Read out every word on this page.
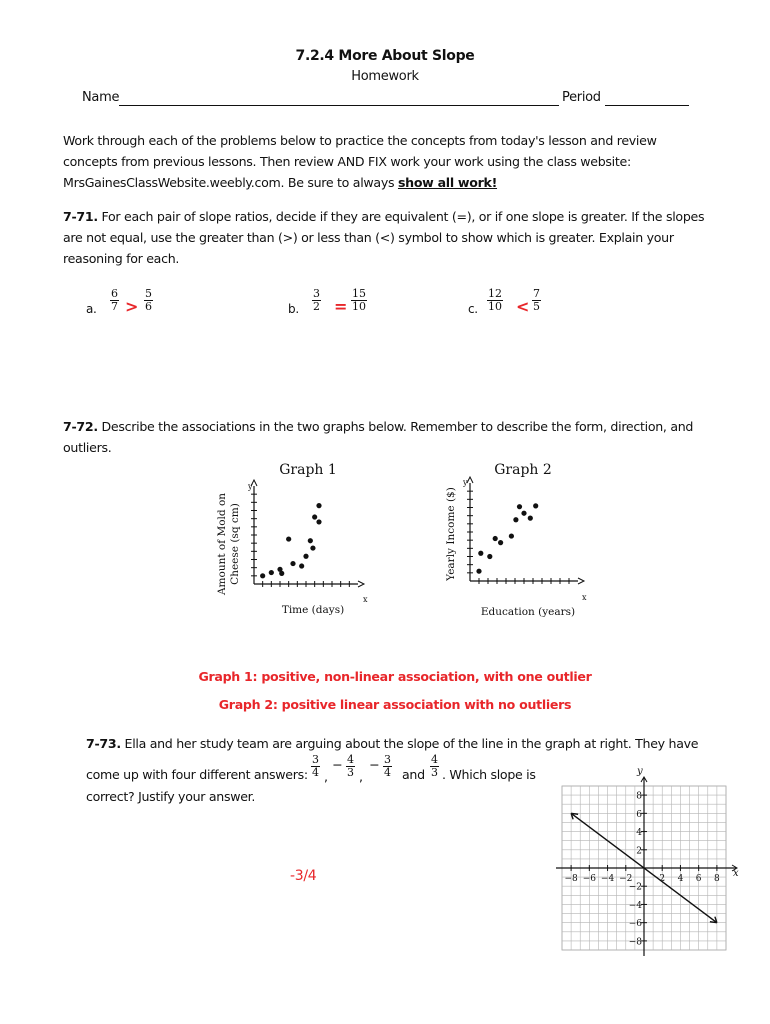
7.2.4 More About Slope
Homework
Name	Period
Work through each of the problems below to practice the concepts from today's lesson and review concepts from previous lessons. Then review AND FIX work your work using the class website: MrsGainesClassWebsite.weebly.com. Be sure to always show all work!
7-71. For each pair of slope ratios, decide if they are equivalent (=), or if one slope is greater. If the slopes are not equal, use the greater than (>) or less than (<) symbol to show which is greater. Explain your reasoning for each.
a. $\frac{6}{7} > \frac{5}{6}$	b. $\frac{3}{2} = \frac{15}{10}$	c. $\frac{12}{10} < \frac{7}{5}$
7-72. Describe the associations in the two graphs below. Remember to describe the form, direction, and outliers.
Graph 1
Amount of Mold on Cheese (sq cm)
Time (days)
y
x
Graph 2
Yearly Income ($)
Education (years)
y
x
Graph 1: positive, non-linear association, with one outlier
Graph 2: positive linear association with no outliers
7-73. Ella and her study team are arguing about the slope of the line in the graph at right. They have
come up with four different answers: $\frac{3}{4}$ ,
− $\frac{4}{3}$ ,
− $\frac{3}{4}$ and $\frac{4}{3}$ . Which slope is
correct? Justify your answer.
-3/4	−8 −6 −4 −2	2 4 6 8
8
6
4
2
−2
−4
−6
−8
x
y
